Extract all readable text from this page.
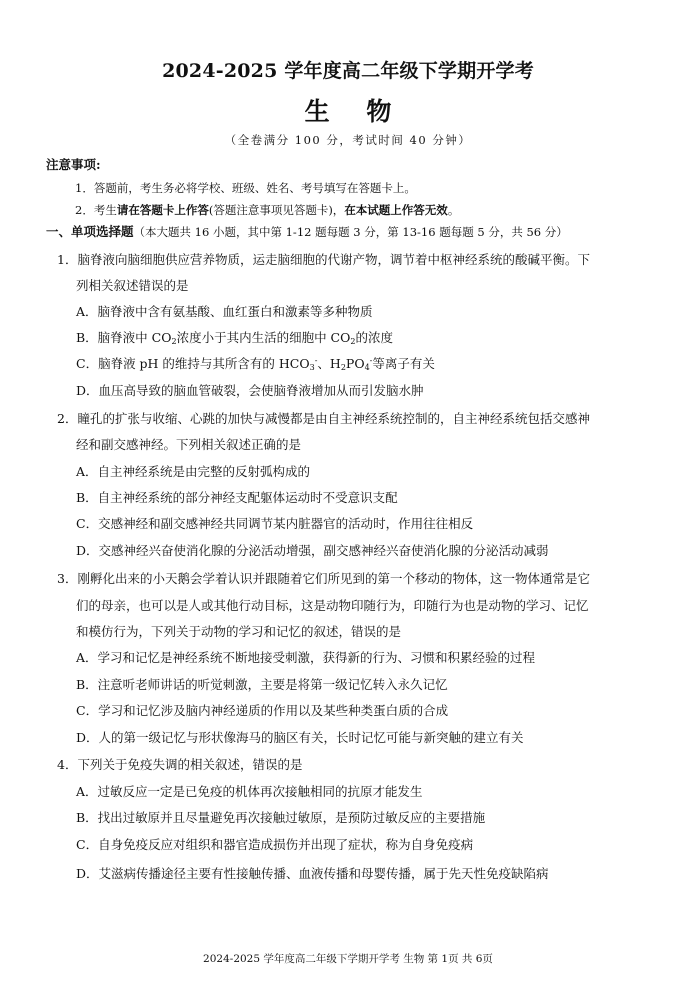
2024-2025 学年度高二年级下学期开学考
生 物
（全卷满分 100 分，考试时间 40 分钟）
注意事项:
1．答题前，考生务必将学校、班级、姓名、考号填写在答题卡上。
2．考生请在答题卡上作答(答题注意事项见答题卡)，在本试题上作答无效。
一、单项选择题（本大题共 16 小题，其中第 1-12 题每题 3 分，第 13-16 题每题 5 分，共 56 分）
1．脑脊液向脑细胞供应营养物质，运走脑细胞的代谢产物，调节着中枢神经系统的酸碱平衡。下
列相关叙述错误的是
A．脑脊液中含有氨基酸、血红蛋白和激素等多种物质
B．脑脊液中 $CO_2$浓度小于其内生活的细胞中 $CO_2$的浓度
C．脑脊液 pH 的维持与其所含有的 $HCO_3^-$、$H_2PO_4^-$等离子有关
D．血压高导致的脑血管破裂，会使脑脊液增加从而引发脑水肿
2．瞳孔的扩张与收缩、心跳的加快与减慢都是由自主神经系统控制的，自主神经系统包括交感神
经和副交感神经。下列相关叙述正确的是
A．自主神经系统是由完整的反射弧构成的
B．自主神经系统的部分神经支配躯体运动时不受意识支配
C．交感神经和副交感神经共同调节某内脏器官的活动时，作用往往相反
D．交感神经兴奋使消化腺的分泌活动增强，副交感神经兴奋使消化腺的分泌活动减弱
3．刚孵化出来的小天鹅会学着认识并跟随着它们所见到的第一个移动的物体，这一物体通常是它
们的母亲，也可以是人或其他行动目标，这是动物印随行为，印随行为也是动物的学习、记忆
和模仿行为，下列关于动物的学习和记忆的叙述，错误的是
A．学习和记忆是神经系统不断地接受刺激，获得新的行为、习惯和积累经验的过程
B．注意听老师讲话的听觉刺激，主要是将第一级记忆转入永久记忆
C．学习和记忆涉及脑内神经递质的作用以及某些种类蛋白质的合成
D．人的第一级记忆与形状像海马的脑区有关，长时记忆可能与新突触的建立有关
4．下列关于免疫失调的相关叙述，错误的是
A．过敏反应一定是已免疫的机体再次接触相同的抗原才能发生
B．找出过敏原并且尽量避免再次接触过敏原，是预防过敏反应的主要措施
C．自身免疫反应对组织和器官造成损伤并出现了症状，称为自身免疫病
D．艾滋病传播途径主要有性接触传播、血液传播和母婴传播，属于先天性免疫缺陷病
2024-2025 学年度高二年级下学期开学考 生物 第 1页 共 6页
